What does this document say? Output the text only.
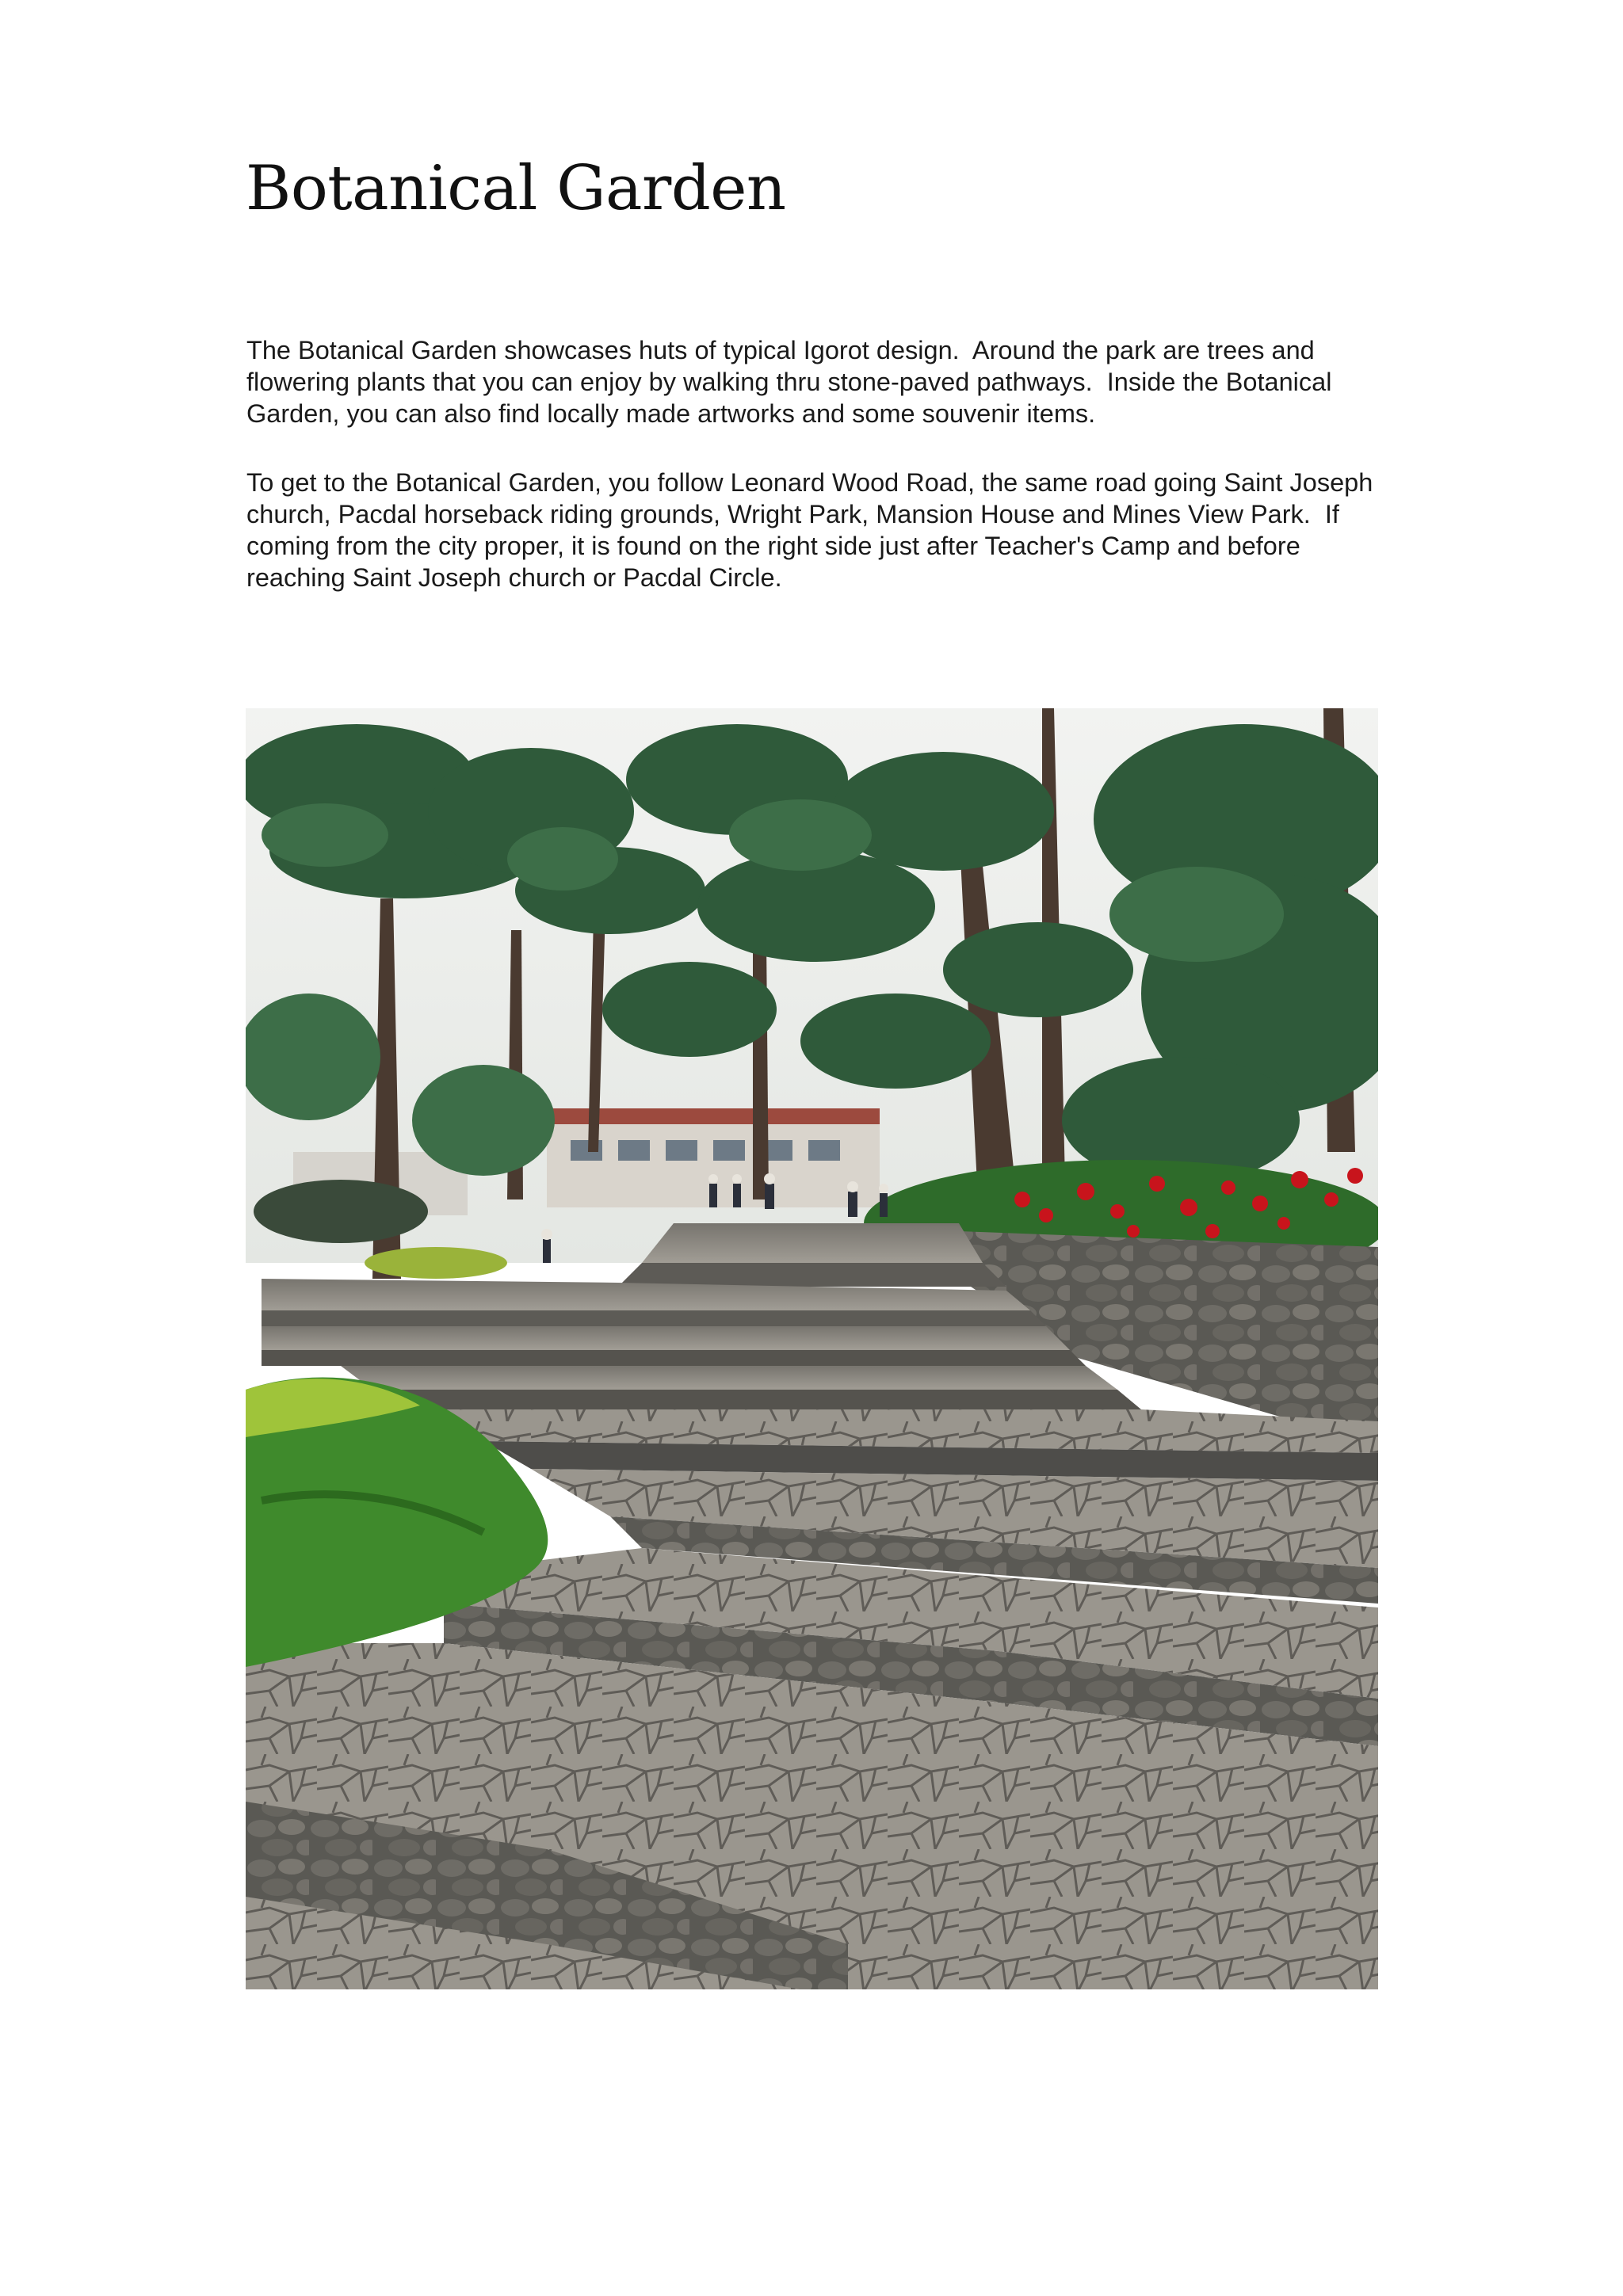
Botanical Garden

The Botanical Garden showcases huts of typical Igorot design.  Around the park are trees and flowering plants that you can enjoy by walking thru stone-paved pathways.  Inside the Botanical Garden, you can also find locally made artworks and some souvenir items.

To get to the Botanical Garden, you follow Leonard Wood Road, the same road going Saint Joseph church, Pacdal horseback riding grounds, Wright Park, Mansion House and Mines View Park.  If coming from the city proper, it is found on the right side just after Teacher's Camp and before reaching Saint Joseph church or Pacdal Circle.
